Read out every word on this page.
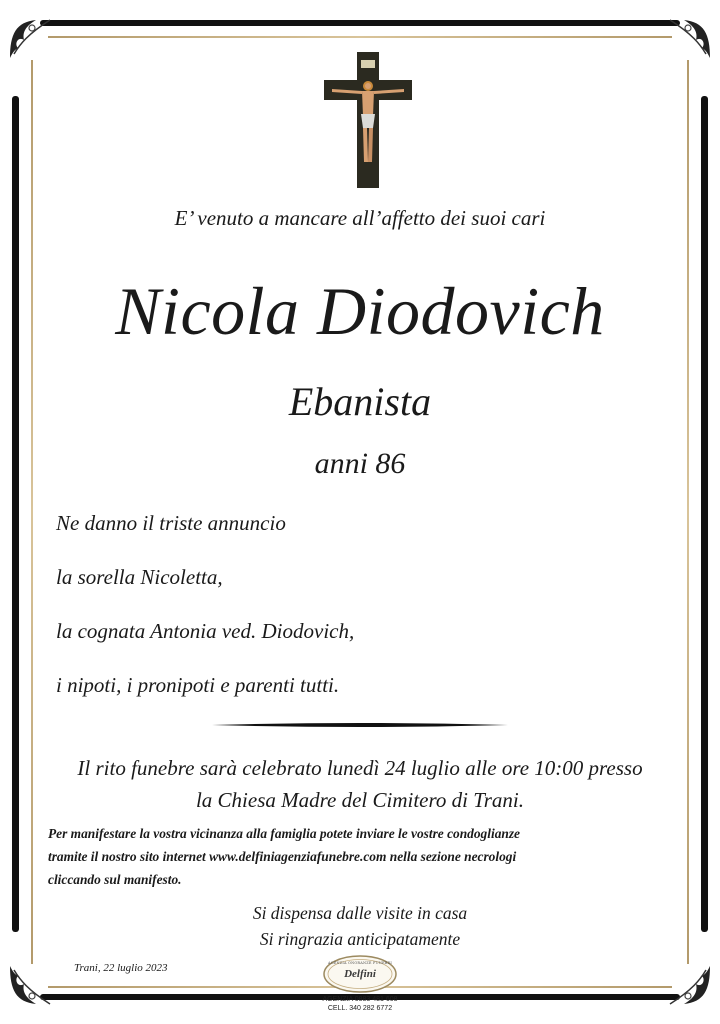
E’ venuto a mancare all’affetto dei suoi cari
Nicola Diodovich
Ebanista
anni 86
Ne danno il triste annuncio
la sorella Nicoletta,
la cognata Antonia ved. Diodovich,
i nipoti, i pronipoti e parenti tutti.
Il rito funebre sarà celebrato lunedì 24 luglio alle ore 10:00 presso
la Chiesa Madre del Cimitero di Trani.
Per manifestare la vostra vicinanza alla famiglia potete inviare le vostre condoglianze
tramite il nostro sito internet www.delfiniagenziafunebre.com nella sezione necrologi
cliccando sul manifesto.
Si dispensa dalle visite in casa
Si ringrazia anticipatamente
Trani, 22 luglio 2023	AGENZIA ONORANZE FUNEBRI
Delfini
AGENZIA 0883 481 608
CELL. 340 282 6772
